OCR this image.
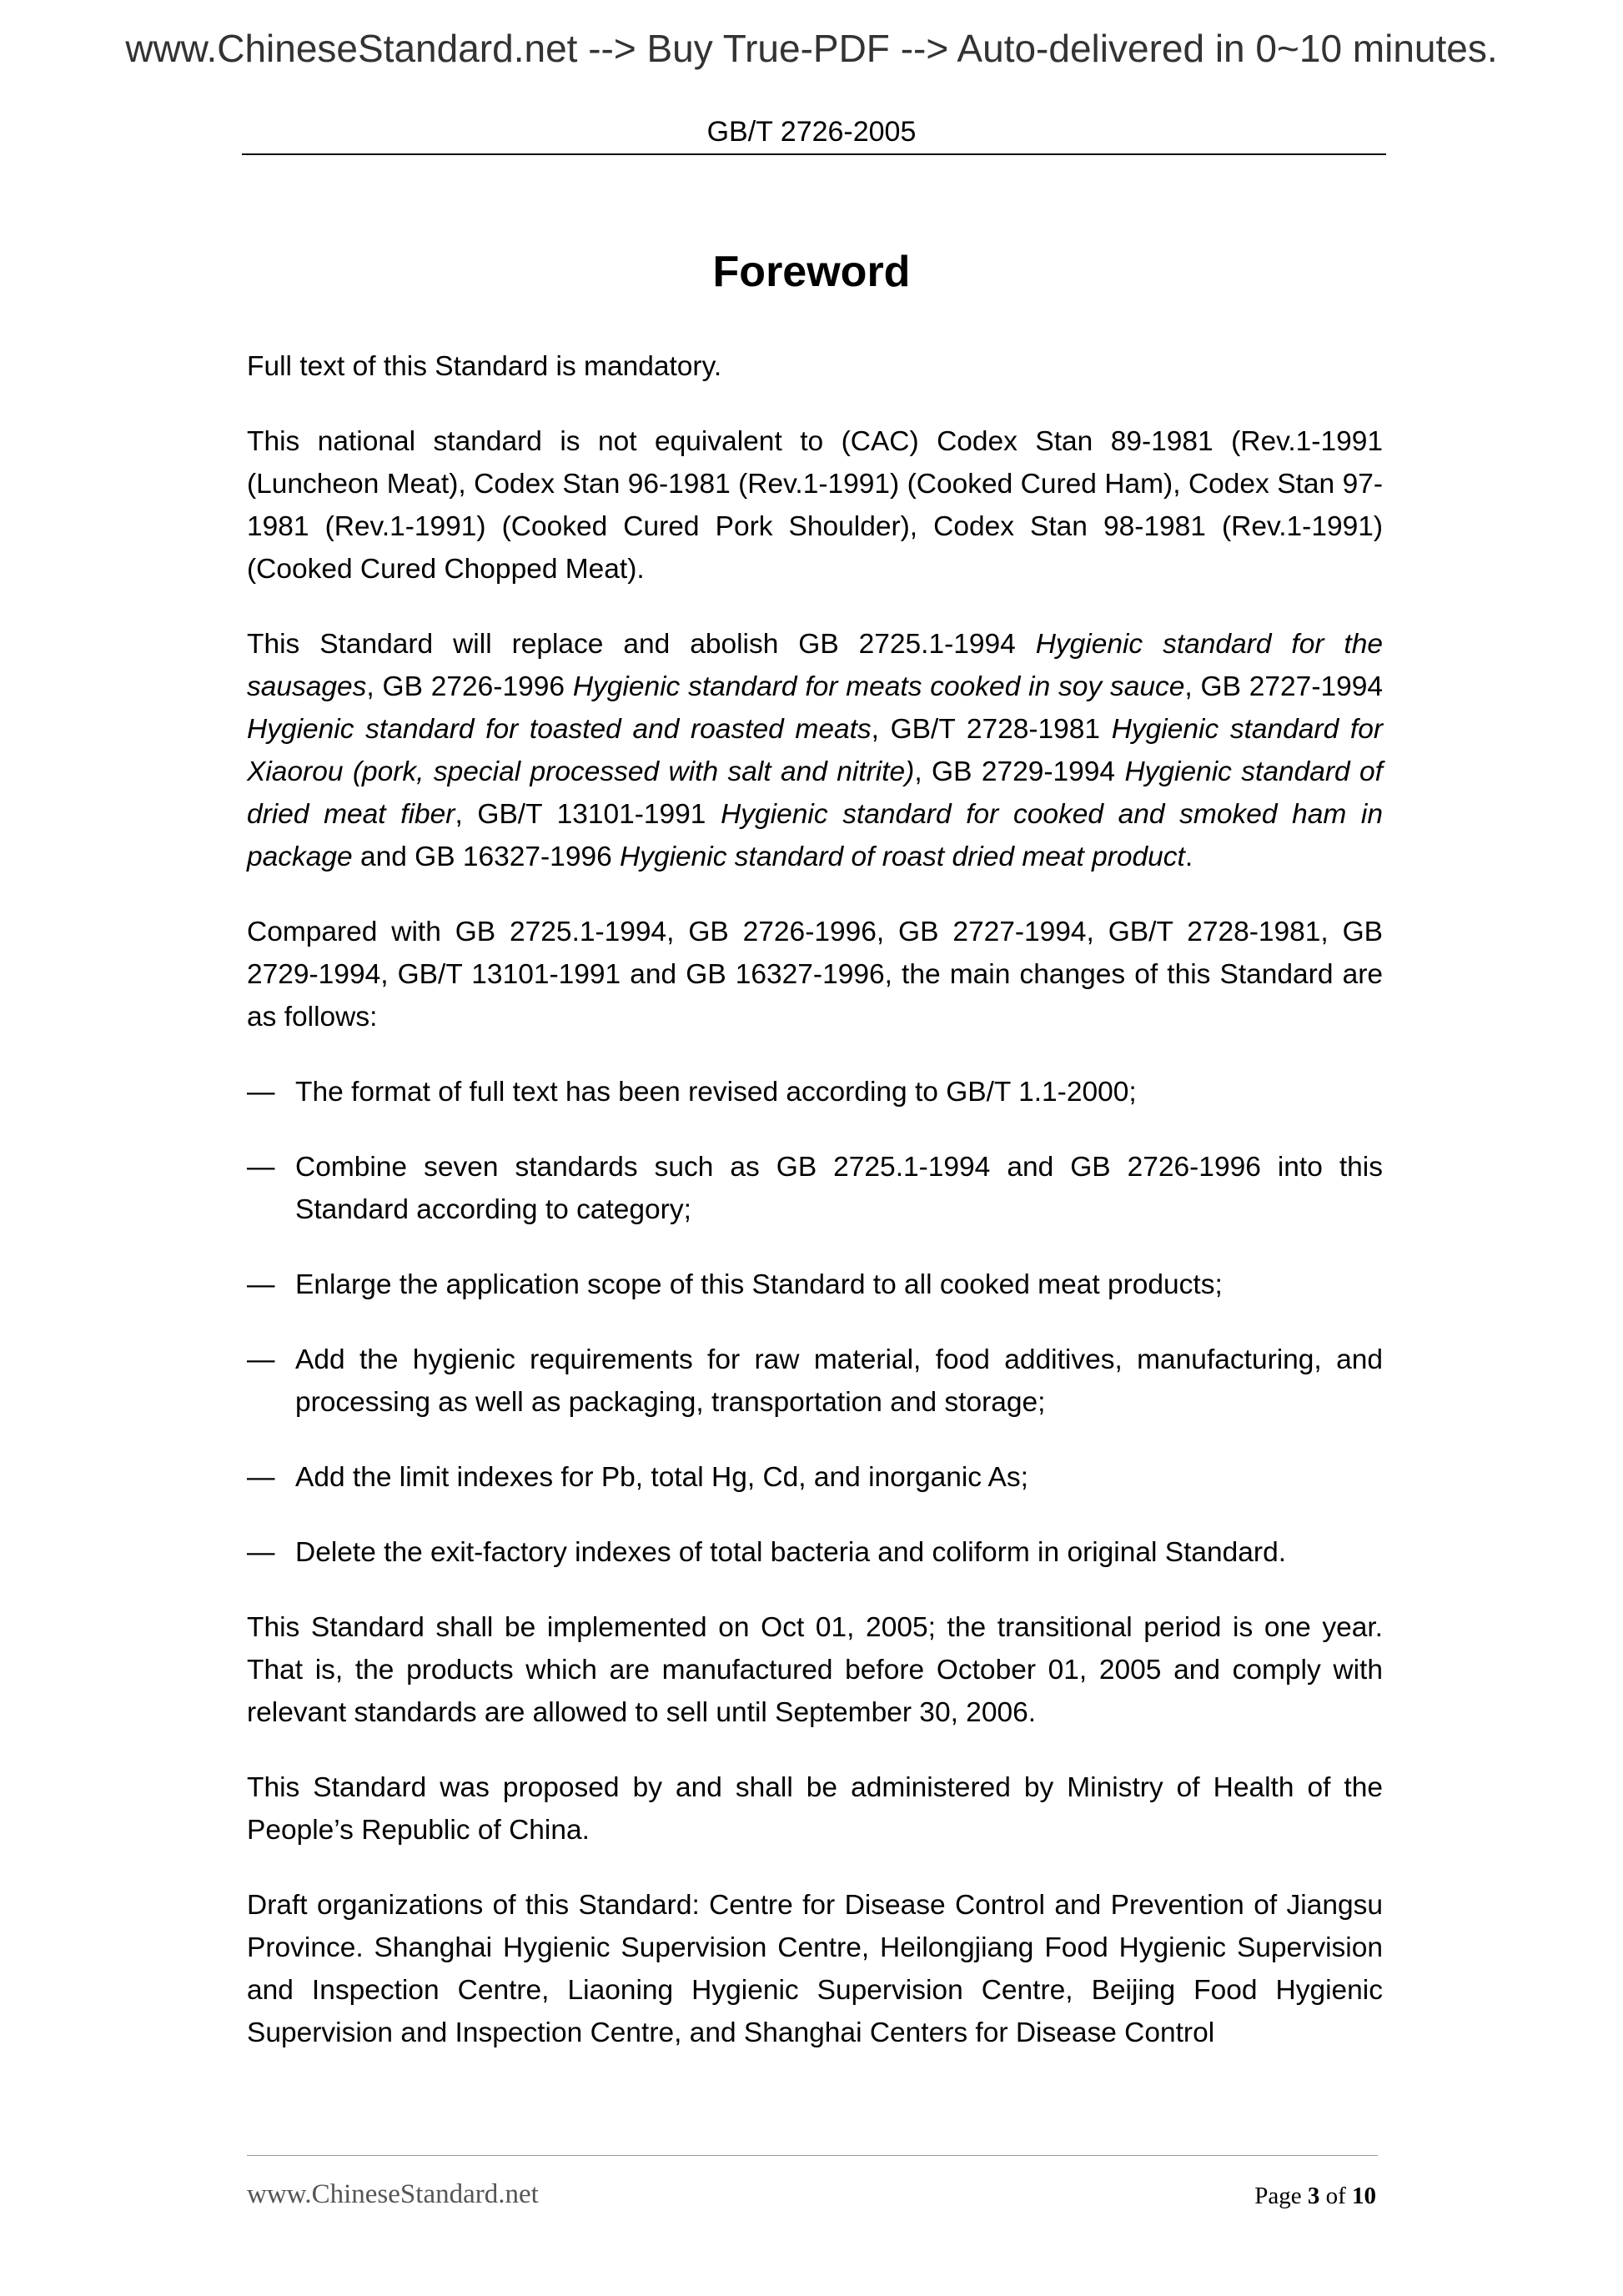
www.ChineseStandard.net --> Buy True-PDF --> Auto-delivered in 0~10 minutes.
GB/T 2726-2005
Foreword

Full text of this Standard is mandatory.

This national standard is not equivalent to (CAC) Codex Stan 89-1981 (Rev.1-1991 (Luncheon Meat), Codex Stan 96-1981 (Rev.1-1991) (Cooked Cured Ham), Codex Stan 97-1981 (Rev.1-1991) (Cooked Cured Pork Shoulder), Codex Stan 98-1981 (Rev.1-1991) (Cooked Cured Chopped Meat).

This Standard will replace and abolish GB 2725.1-1994 Hygienic standard for the sausages, GB 2726-1996 Hygienic standard for meats cooked in soy sauce, GB 2727-1994 Hygienic standard for toasted and roasted meats, GB/T 2728-1981 Hygienic standard for Xiaorou (pork, special processed with salt and nitrite), GB 2729-1994 Hygienic standard of dried meat fiber, GB/T 13101-1991 Hygienic standard for cooked and smoked ham in package and GB 16327-1996 Hygienic standard of roast dried meat product.

Compared with GB 2725.1-1994, GB 2726-1996, GB 2727-1994, GB/T 2728-1981, GB 2729-1994, GB/T 13101-1991 and GB 16327-1996, the main changes of this Standard are as follows:

— The format of full text has been revised according to GB/T 1.1-2000;
— Combine seven standards such as GB 2725.1-1994 and GB 2726-1996 into this Standard according to category;
— Enlarge the application scope of this Standard to all cooked meat products;
— Add the hygienic requirements for raw material, food additives, manufacturing, and processing as well as packaging, transportation and storage;
— Add the limit indexes for Pb, total Hg, Cd, and inorganic As;
— Delete the exit-factory indexes of total bacteria and coliform in original Standard.

This Standard shall be implemented on Oct 01, 2005; the transitional period is one year. That is, the products which are manufactured before October 01, 2005 and comply with relevant standards are allowed to sell until September 30, 2006.

This Standard was proposed by and shall be administered by Ministry of Health of the People’s Republic of China.

Draft organizations of this Standard: Centre for Disease Control and Prevention of Jiangsu Province. Shanghai Hygienic Supervision Centre, Heilongjiang Food Hygienic Supervision and Inspection Centre, Liaoning Hygienic Supervision Centre, Beijing Food Hygienic Supervision and Inspection Centre, and Shanghai Centers for Disease Control

www.ChineseStandard.net	Page 3 of 10
